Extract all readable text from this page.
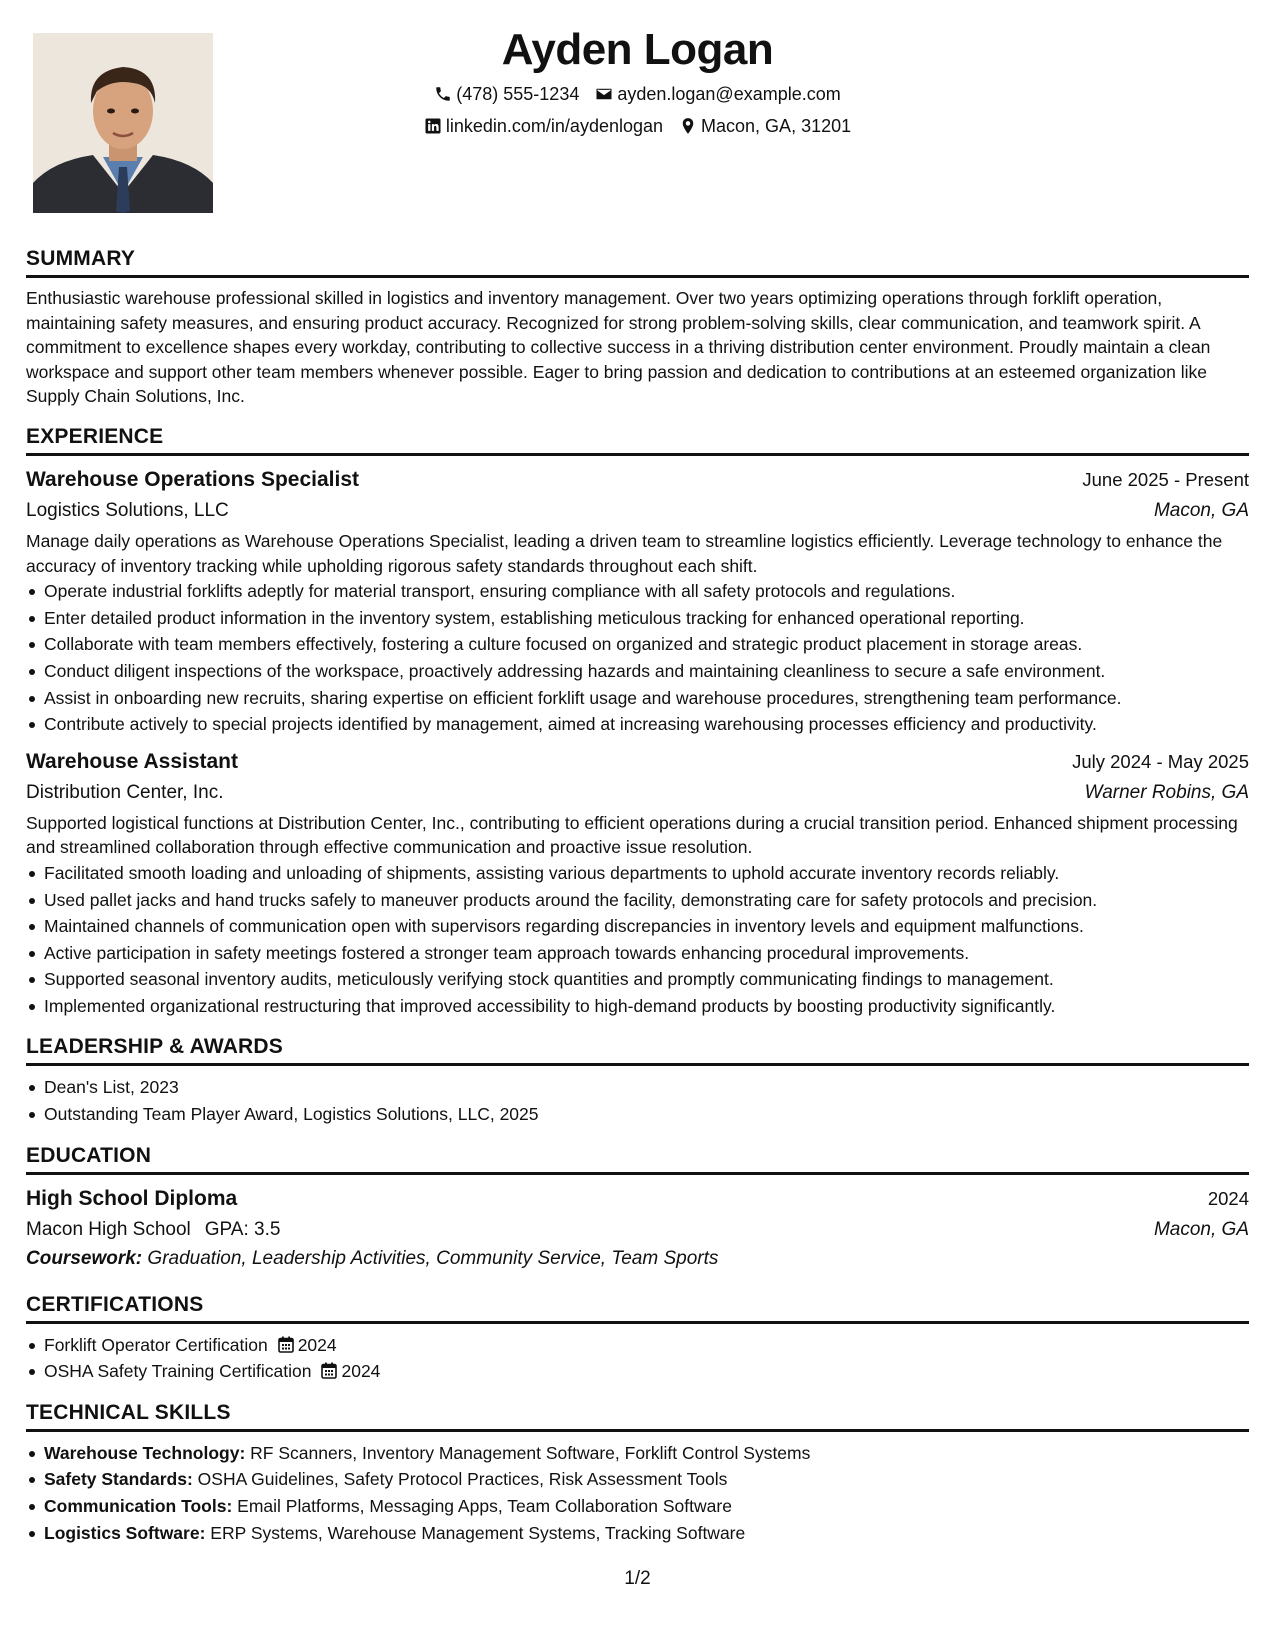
Ayden Logan
(478) 555-1234 ayden.logan@example.com
linkedin.com/in/aydenlogan Macon, GA, 31201
SUMMARY
Enthusiastic warehouse professional skilled in logistics and inventory management. Over two years optimizing operations through forklift operation, maintaining safety measures, and ensuring product accuracy. Recognized for strong problem-solving skills, clear communication, and teamwork spirit. A commitment to excellence shapes every workday, contributing to collective success in a thriving distribution center environment. Proudly maintain a clean workspace and support other team members whenever possible. Eager to bring passion and dedication to contributions at an esteemed organization like Supply Chain Solutions, Inc.
EXPERIENCE
Warehouse Operations Specialist	June 2025 - Present
Logistics Solutions, LLC	Macon, GA
Manage daily operations as Warehouse Operations Specialist, leading a driven team to streamline logistics efficiently. Leverage technology to enhance the accuracy of inventory tracking while upholding rigorous safety standards throughout each shift.
Operate industrial forklifts adeptly for material transport, ensuring compliance with all safety protocols and regulations.
Enter detailed product information in the inventory system, establishing meticulous tracking for enhanced operational reporting.
Collaborate with team members effectively, fostering a culture focused on organized and strategic product placement in storage areas.
Conduct diligent inspections of the workspace, proactively addressing hazards and maintaining cleanliness to secure a safe environment.
Assist in onboarding new recruits, sharing expertise on efficient forklift usage and warehouse procedures, strengthening team performance.
Contribute actively to special projects identified by management, aimed at increasing warehousing processes efficiency and productivity.
Warehouse Assistant	July 2024 - May 2025
Distribution Center, Inc.	Warner Robins, GA
Supported logistical functions at Distribution Center, Inc., contributing to efficient operations during a crucial transition period. Enhanced shipment processing and streamlined collaboration through effective communication and proactive issue resolution.
Facilitated smooth loading and unloading of shipments, assisting various departments to uphold accurate inventory records reliably.
Used pallet jacks and hand trucks safely to maneuver products around the facility, demonstrating care for safety protocols and precision.
Maintained channels of communication open with supervisors regarding discrepancies in inventory levels and equipment malfunctions.
Active participation in safety meetings fostered a stronger team approach towards enhancing procedural improvements.
Supported seasonal inventory audits, meticulously verifying stock quantities and promptly communicating findings to management.
Implemented organizational restructuring that improved accessibility to high-demand products by boosting productivity significantly.
LEADERSHIP & AWARDS
Dean's List, 2023
Outstanding Team Player Award, Logistics Solutions, LLC, 2025
EDUCATION
High School Diploma	2024
Macon High School GPA: 3.5	Macon, GA
Coursework: Graduation, Leadership Activities, Community Service, Team Sports
CERTIFICATIONS
Forklift Operator Certification 2024
OSHA Safety Training Certification 2024
TECHNICAL SKILLS
Warehouse Technology: RF Scanners, Inventory Management Software, Forklift Control Systems
Safety Standards: OSHA Guidelines, Safety Protocol Practices, Risk Assessment Tools
Communication Tools: Email Platforms, Messaging Apps, Team Collaboration Software
Logistics Software: ERP Systems, Warehouse Management Systems, Tracking Software
1/2
